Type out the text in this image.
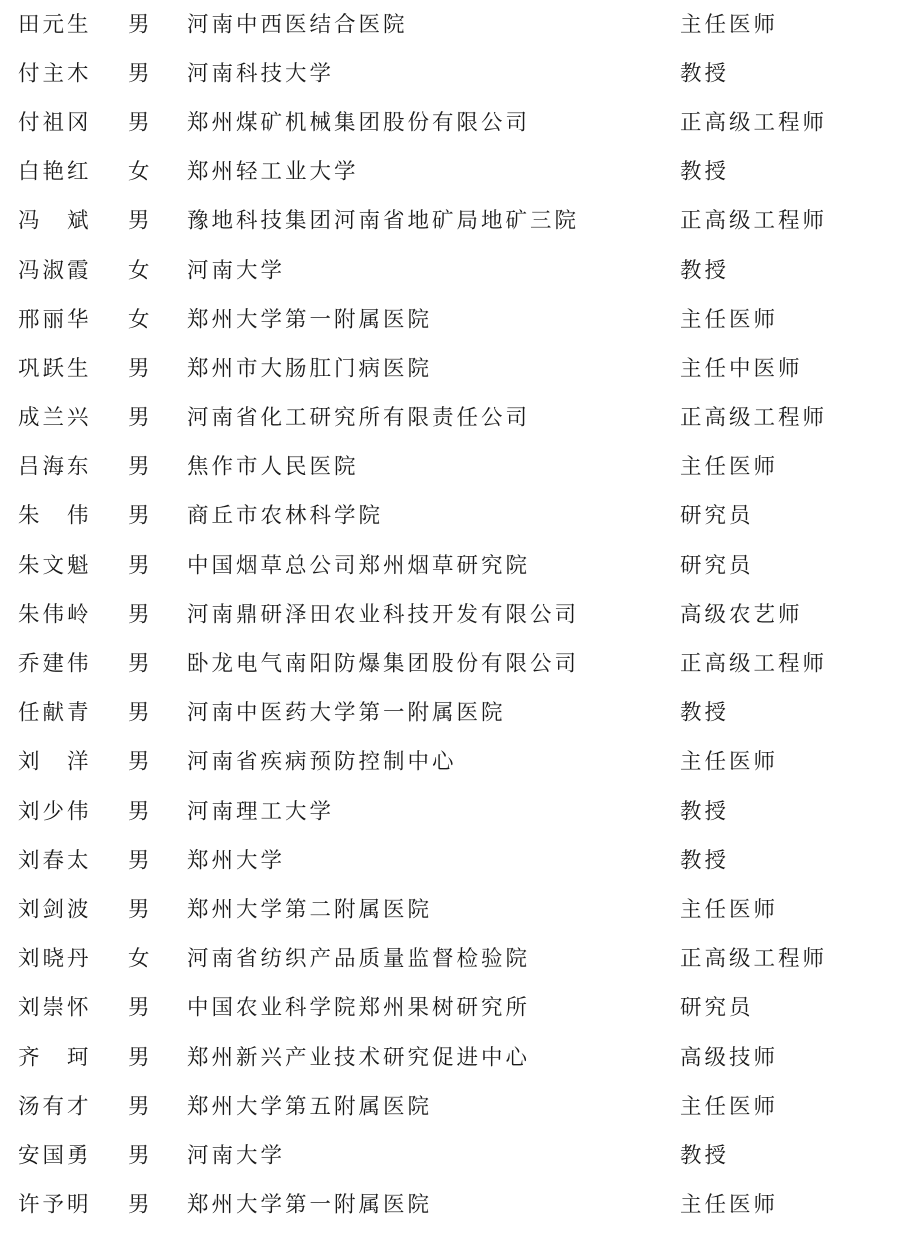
田元生 男 河南中西医结合医院	主任医师
付主木 男 河南科技大学	教授
付祖冈 男 郑州煤矿机械集团股份有限公司	正高级工程师
白艳红 女 郑州轻工业大学	教授
冯　斌 男 豫地科技集团河南省地矿局地矿三院	正高级工程师
冯淑霞 女 河南大学	教授
邢丽华 女 郑州大学第一附属医院	主任医师
巩跃生 男 郑州市大肠肛门病医院	主任中医师
成兰兴 男 河南省化工研究所有限责任公司	正高级工程师
吕海东 男 焦作市人民医院	主任医师
朱　伟 男 商丘市农林科学院	研究员
朱文魁 男 中国烟草总公司郑州烟草研究院	研究员
朱伟岭 男 河南鼎研泽田农业科技开发有限公司	高级农艺师
乔建伟 男 卧龙电气南阳防爆集团股份有限公司	正高级工程师
任献青 男 河南中医药大学第一附属医院	教授
刘　洋 男 河南省疾病预防控制中心	主任医师
刘少伟 男 河南理工大学	教授
刘春太 男 郑州大学	教授
刘剑波 男 郑州大学第二附属医院	主任医师
刘晓丹 女 河南省纺织产品质量监督检验院	正高级工程师
刘崇怀 男 中国农业科学院郑州果树研究所	研究员
齐　珂 男 郑州新兴产业技术研究促进中心	高级技师
汤有才 男 郑州大学第五附属医院	主任医师
安国勇 男 河南大学	教授
许予明 男 郑州大学第一附属医院	主任医师
